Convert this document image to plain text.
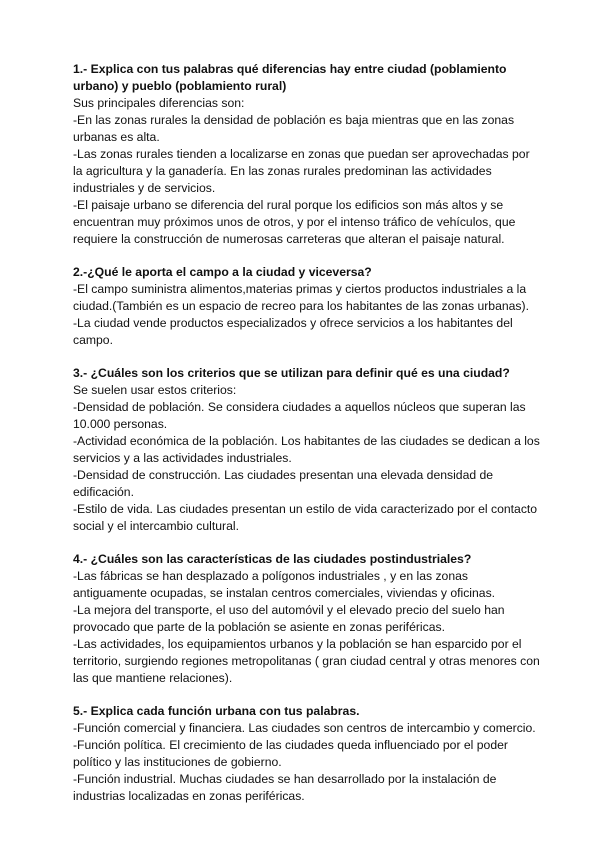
1.- Explica con tus palabras qué diferencias hay entre ciudad (poblamiento urbano) y pueblo (poblamiento rural)

Sus principales diferencias son:

-En las zonas rurales la densidad de población es baja mientras que en las zonas urbanas es alta.

-Las zonas rurales tienden a localizarse en zonas que puedan ser aprovechadas por la agricultura y la ganadería. En las zonas rurales predominan las actividades industriales y de servicios.

-El paisaje urbano se diferencia del rural porque los edificios son más altos y se encuentran muy próximos unos de otros, y por el intenso tráfico de vehículos, que requiere la construcción de numerosas carreteras que alteran el paisaje natural.

2.-¿Qué le aporta el campo a la ciudad y viceversa?

-El campo suministra alimentos,materias primas y ciertos productos industriales a la ciudad.(También es un espacio de recreo para los habitantes de las zonas urbanas).

-La ciudad vende productos especializados y ofrece servicios a los habitantes del campo.

3.- ¿Cuáles son los criterios que se utilizan para definir qué es una ciudad?

Se suelen usar estos criterios:

-Densidad de población. Se considera ciudades a aquellos núcleos que superan las 10.000 personas.

-Actividad económica de la población. Los habitantes de las ciudades se dedican a los servicios y a las actividades industriales.

-Densidad de construcción. Las ciudades presentan una elevada densidad de edificación.

-Estilo de vida. Las ciudades presentan un estilo de vida caracterizado por el contacto social y el intercambio cultural.

4.- ¿Cuáles son las características de las ciudades postindustriales?

-Las fábricas se han desplazado a polígonos industriales , y en las zonas antiguamente ocupadas, se instalan centros comerciales, viviendas y oficinas.

-La mejora del transporte, el uso del automóvil y el elevado precio del suelo han provocado que parte de la población se asiente en zonas periféricas.

-Las actividades, los equipamientos urbanos y la población se han esparcido por el territorio, surgiendo regiones metropolitanas ( gran ciudad central y otras menores con las que mantiene relaciones).

5.- Explica cada función urbana con tus palabras.

-Función comercial y financiera. Las ciudades son centros de intercambio y comercio.

-Función política. El crecimiento de las ciudades queda influenciado por el poder político y las instituciones de gobierno.

-Función industrial. Muchas ciudades se han desarrollado por la instalación de industrias localizadas en zonas periféricas.
